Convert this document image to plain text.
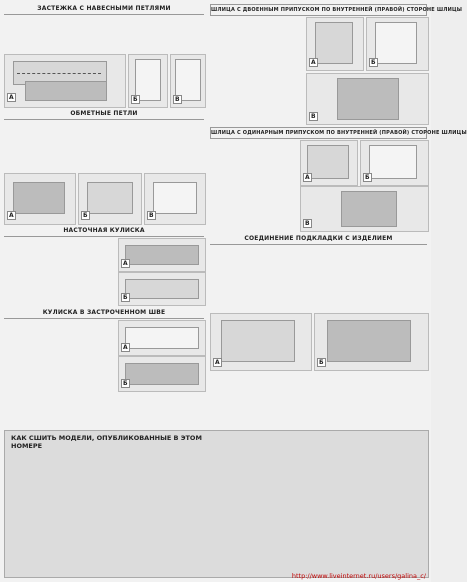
ЗАСТЕЖКА С НАВЕСНЫМИ ПЕТЛЯМИ
А	Б	В
ОБМЕТНЫЕ ПЕТЛИ
А	Б	В
НАСТОЧНАЯ КУЛИСКА
А
Б
КУЛИСКА В ЗАСТРОЧЕННОМ ШВЕ
А
Б
ШЛИЦА С ДВОЕННЫМ ПРИПУСКОМ ПО ВНУТРЕННЕЙ (ПРАВОЙ) СТОРОНЕ ШЛИЦЫ
А	Б
В
ШЛИЦА С ОДИНАРНЫМ ПРИПУСКОМ ПО ВНУТРЕННЕЙ (ПРАВОЙ) СТОРОНЕ ШЛИЦЫ
А	Б
В
СОЕДИНЕНИЕ ПОДКЛАДКИ С ИЗДЕЛИЕМ
А	Б
КАК СШИТЬ МОДЕЛИ, ОПУБЛИКОВАННЫЕ В ЭТОМ НОМЕРЕ
http://www.liveinternet.ru/users/galina_c/
